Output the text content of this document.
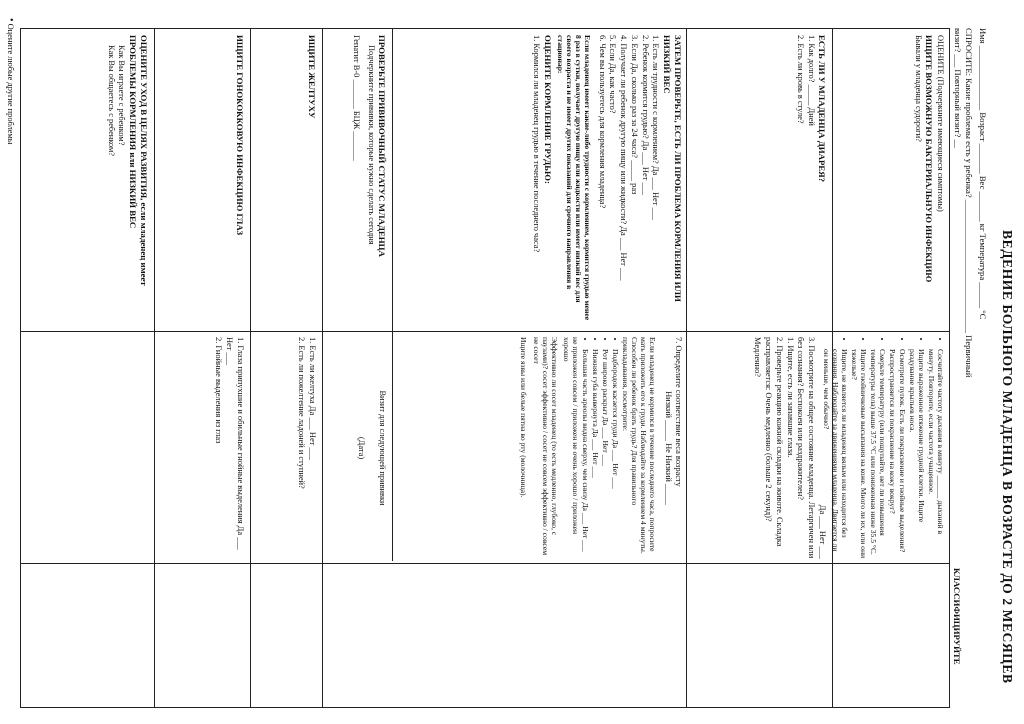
ВЕДЕНИЕ БОЛЬНОГО МЛАДЕНЦА В ВОЗРАСТЕ ДО 2 МЕСЯЦЕВ
Имя _______________ Возраст _______ Вес _______ кг Температура ______ °C
СПРОСИТЕ: Какие проблемы есть у ребенка? _______________________________ Первичный
визит? ___ Повторный визит? __
КЛАССИФИЦИРУЙТЕ
ОЦЕНИТЕ (Подчеркните имеющиеся симптомы)
ИЩИТЕ ВОЗМОЖНУЮ БАКТЕРИАЛЬНУЮ ИНФЕКЦИЮ
Бывали у младенца судороги?
• Сосчитайте частоту дыхания в минуту ______ дыханий в минуту. Повторите, если частота учащенное.
• Ищите выраженное втяжение грудной клетки. Ищите раздувание крыльев носа.
• Осмотрите пупок. Есть ли покраснение и гнойные выделения? Распространяется ли покраснение на кожу вокруг?
• Смерьте температуру (или пощупайте, нет ли повышения температуры тела) выше 37.5 °C или пониженная ниже 35.5 °C.
• Ищите гнойничковые высыпания на коже. Много ли их, или они тяжелые?
• Ищите, не является ли младенец вялым или находится без сознания. Наблюдайте за движениями младенца. Двигается ли он меньше, чем обычно?
ЕСТЬ ЛИ У МЛАДЕНЦА ДИАРЕЯ?
1. Как долго? _____ Дней
2. Есть ли кровь в стуле?
Да ___ Нет ___
3. Посмотрите на общее состояние младенца. Летаргичен или без сознания? Беспокоен или раздражителен?
1. Ищите, есть ли запавшие глаза.
2. Проверьте реакцию кожной складки на животе. Складка расправляется: Очень медленно (больше 2 секунд)? Медленно?
ЗАТЕМ ПРОВЕРЬТЕ, ЕСТЬ ЛИ ПРОБЛЕМА КОРМЛЕНИЯ ИЛИ НИЗКИЙ ВЕС
1. Есть ли трудности с кормлением? Да ___ Нет ___
2. Ребенок кормится грудью? Да ___ Нет ___
3. Если Да, сколько раз за 24 часа? _____ раз
4. Получает ли ребенок другую пищу или жидкости? Да ___ Нет ___
5. Если Да, как часто?
6. Чем вы пользуетесь для кормления младенца?
Если младенец имеет какие-либо трудности с кормлением, кормится грудью менее 8 раз в сутки, получает другую пищу или жидкости или имеет низкий вес для своего возраста и не имеет других показаний для срочного направления в стационар:
ОЦЕНИТЕ КОРМЛЕНИЕ ГРУДЬЮ:
1. Кормился ли младенец грудью в течение последнего часа?
7. Определите соответствие веса возрасту
Низкий _____ Не Низкий _____
Если младенец не кормился в течение последнего часа, попросите мать приложить его к груди. Наблюдайте за кормлением 4 минуты. Способен ли ребенок брать грудь? Для правильного прикладывания, посмотрите:
• Подбородок касается груди Да ___ Нет ___
• Рот широко раскрыт Да ___ Нет ___
• Нижняя губа вывернута Да ___ Нет ___
• Большая часть ареолы видна сверху, чем снизу Да ___ Нет ___
не приложен совсем / приложен не очень хорошо / приложен хорошо
Эффективно ли сосет младенец (то есть медленно, глубоко, с паузами)? сосет эффективно / сосет не совсем эффективно / совсем не сосет
Ищите язвы или белые пятна во рту (молочница).
ПРОВЕРЬТЕ ПРИВИВОЧНЫЙ СТАТУС МЛАДЕНЦА
Подчеркните прививки, которые нужно сделать сегодня
Гепатит В-0 _______ БЦЖ _______
Визит для следующей прививки
(Дата)
ИЩИТЕ ЖЕЛТУХУ
1. Есть ли желтуха Да ___ Нет ___
2. Есть ли пожелтение ладоней и ступней?
ИЩИТЕ ГОНОКОККОВУЮ ИНФЕКЦИЮ ГЛАЗ
1. Глаза припухшие и обильные гнойные выделения Да ___ Нет ___
2. Гнойные выделения из глаз
ОЦЕНИТЕ УХОД В ЦЕЛЯХ РАЗВИТИЯ, если младенец имеет ПРОБЛЕМЫ КОРМЛЕНИЯ или НИЗКИЙ ВЕС
Как Вы играете с ребенком?
Как Вы общаетесь с ребенком?
• Оцените любые другие проблемы
